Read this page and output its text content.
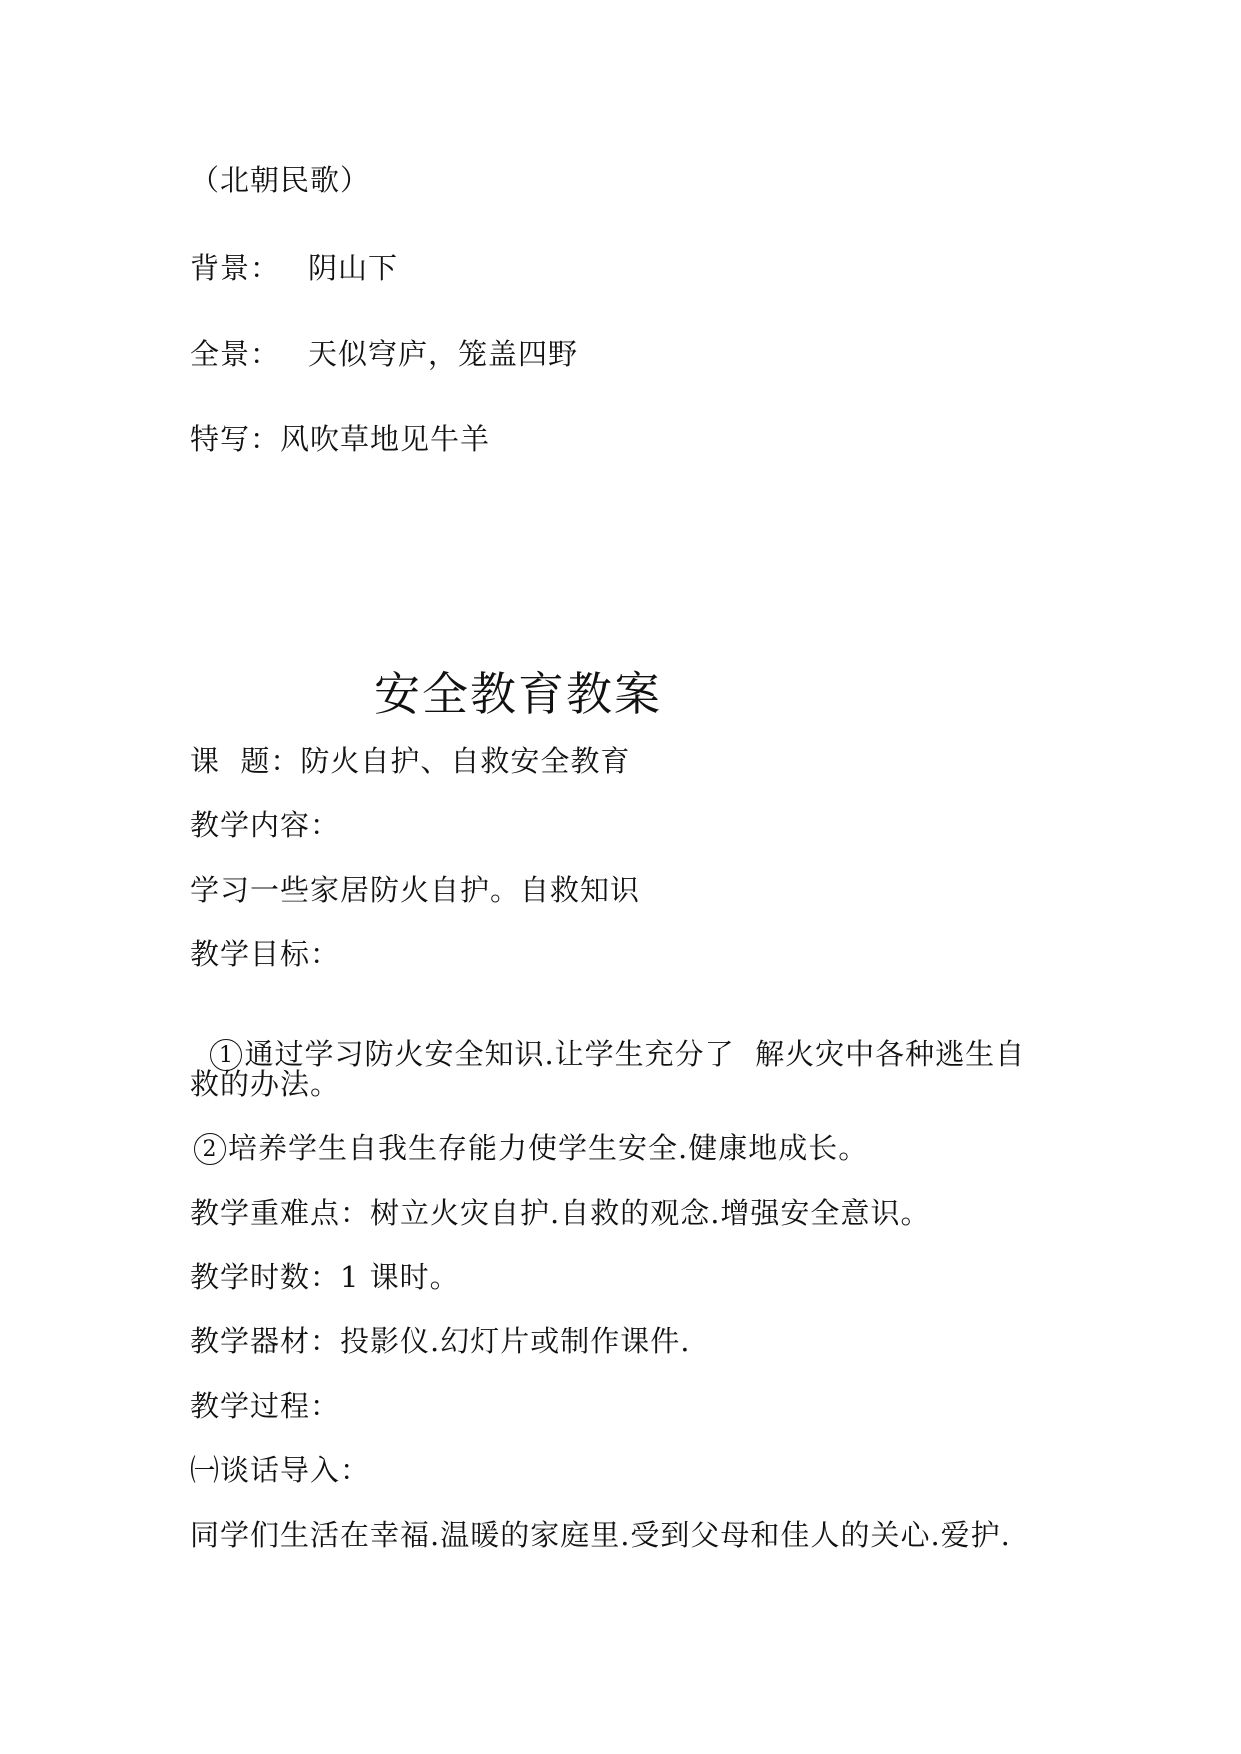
（北朝民歌）
背景： 阴山下
全景： 天似穹庐，笼盖四野
特写：风吹草地见牛羊
安全教育教案
课  题：防火自护、自救安全教育
教学内容：
学习一些家居防火自护。自救知识
教学目标：

1 通过学习防火安全知识.让学生充分了  解火灾中各种逃生自

救的办法。
2 培养学生自我生存能力使学生安全.健康地成长。
教学重难点：树立火灾自护.自救的观念.增强安全意识。
教学时数：1 课时。
教学器材：投影仪.幻灯片或制作课件.
教学过程：
㈠谈话导入：
同学们生活在幸福.温暖的家庭里.受到父母和佳人的关心.爱护.
